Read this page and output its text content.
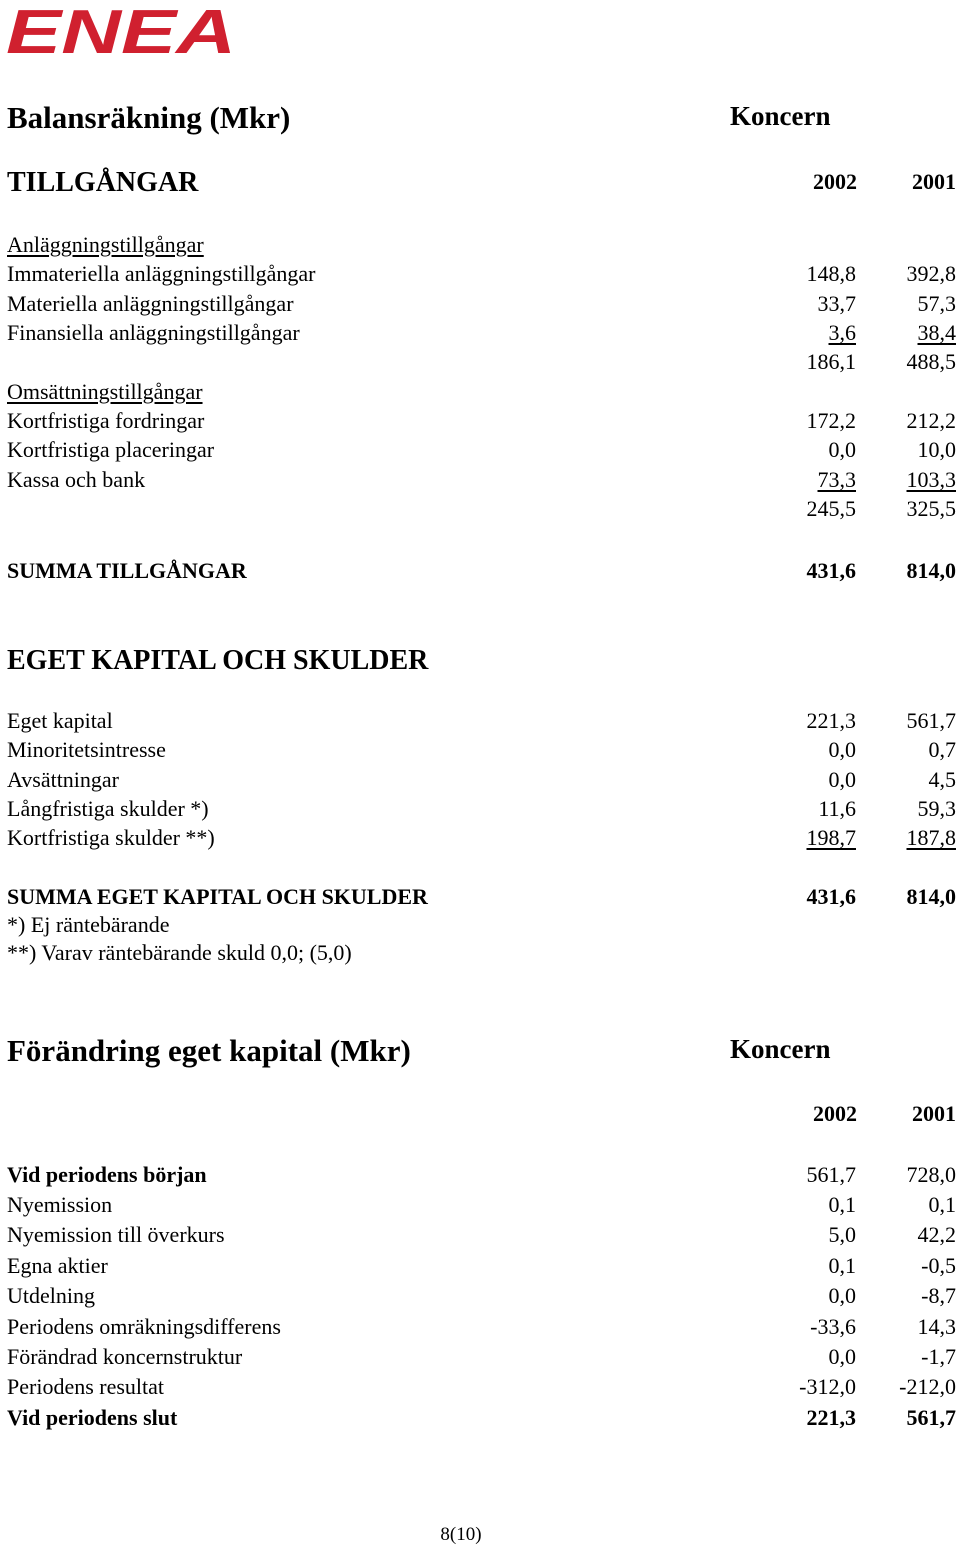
ENEA
Balansräkning (Mkr)	Koncern
TILLGÅNGAR	2002	2001
Anläggningstillgångar
Immateriella anläggningstillgångar	148,8 392,8
Materiella anläggningstillgångar	33,7	57,3
Finansiella anläggningstillgångar	3,6	38,4
186,1 488,5
Omsättningstillgångar
Kortfristiga fordringar	172,2 212,2
Kortfristiga placeringar	0,0	10,0
Kassa och bank	73,3 103,3
245,5 325,5
SUMMA TILLGÅNGAR	431,6 814,0
EGET KAPITAL OCH SKULDER
Eget kapital	221,3 561,7
Minoritetsintresse	0,0	0,7
Avsättningar	0,0	4,5
Långfristiga skulder *)	11,6	59,3
Kortfristiga skulder **)	198,7 187,8
SUMMA EGET KAPITAL OCH SKULDER	431,6 814,0
*) Ej räntebärande
**) Varav räntebärande skuld 0,0; (5,0)
Förändring eget kapital (Mkr)	Koncern
2002	2001
Vid periodens början	561,7 728,0
Nyemission	0,1	0,1
Nyemission till överkurs	5,0	42,2
Egna aktier	0,1	-0,5
Utdelning	0,0	-8,7
Periodens omräkningsdifferens	-33,6	14,3
Förändrad koncernstruktur	0,0	-1,7
Periodens resultat	-312,0 -212,0
Vid periodens slut	221,3 561,7
8(10)
